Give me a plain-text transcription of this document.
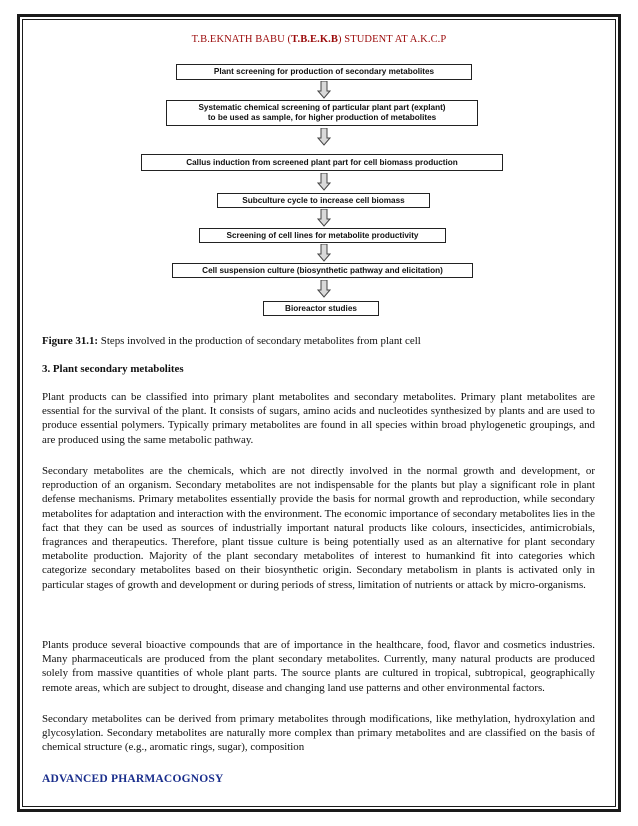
T.B.EKNATH BABU (T.B.E.K.B) STUDENT AT A.K.C.P
Plant screening for production of secondary metabolites
Systematic chemical screening of particular plant part (explant)
to be used as sample, for higher production of metabolites
Callus induction from screened plant part for cell biomass production
Subculture cycle to increase cell biomass
Screening of cell lines for metabolite productivity
Cell suspension culture (biosynthetic pathway and elicitation)
Bioreactor studies
Figure 31.1: Steps involved in the production of secondary metabolites from plant cell
3. Plant secondary metabolites

Plant products can be classified into primary plant metabolites and secondary metabolites. Primary plant metabolites are essential for the survival of the plant. It consists of sugars, amino acids and nucleotides synthesized by plants and are used to produce essential polymers. Typically primary metabolites are found in all species within broad phylogenetic groupings, and are produced using the same metabolic pathway.

Secondary metabolites are the chemicals, which are not directly involved in the normal growth and development, or reproduction of an organism. Secondary metabolites are not indispensable for the plants but play a significant role in plant defense mechanisms. Primary metabolites essentially provide the basis for normal growth and reproduction, while secondary metabolites for adaptation and interaction with the environment. The economic importance of secondary metabolites lies in the fact that they can be used as sources of industrially important natural products like colours, insecticides, antimicrobials, fragrances and therapeutics. Therefore, plant tissue culture is being potentially used as an alternative for plant secondary metabolite production. Majority of the plant secondary metabolites of interest to humankind fit into categories which categorize secondary metabolites based on their biosynthetic origin. Secondary metabolism in plants is activated only in particular stages of growth and development or during periods of stress, limitation of nutrients or attack by micro-organisms.

Plants produce several bioactive compounds that are of importance in the healthcare, food, flavor and cosmetics industries. Many pharmaceuticals are produced from the plant secondary metabolites. Currently, many natural products are produced solely from massive quantities of whole plant parts. The source plants are cultured in tropical, subtropical, geographically remote areas, which are subject to drought, disease and changing land use patterns and other environmental factors.

Secondary metabolites can be derived from primary metabolites through modifications, like methylation, hydroxylation and glycosylation. Secondary metabolites are naturally more complex than primary metabolites and are classified on the basis of chemical structure (e.g., aromatic rings, sugar), composition

ADVANCED PHARMACOGNOSY
